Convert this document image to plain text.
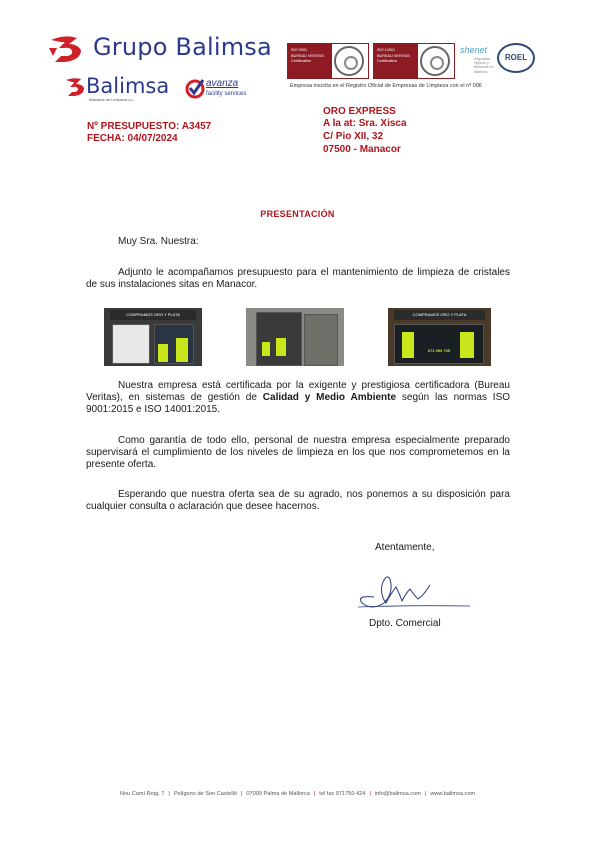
Grupo Balimsa
Balimsa
Balcares de Limpieza s.L.
avanza
facility services
ISO 9001
BUREAU VERITAS
Certification
ISO 14001
BUREAU VERITAS
Certification
shenet
Seguridad Higiene y Bienestar en Mallorca
ROEL
Empresa inscrita en el Registro Oficial de Empresas de Limpieza con el nº 006
Nº PRESUPUESTO: A3457
FECHA: 04/07/2024
ORO EXPRESS
A la at: Sra. Xisca
C/ Pio XII, 32
07500 - Manacor
PRESENTACIÓN
Muy Sra. Nuestra:
Adjunto le acompañamos presupuesto para el mantenimiento de limpieza de cristales de sus instalaciones sitas en Manacor.
COMPRAMOS ORO Y PLATA	COMPRAMOS ORO Y PLATA
671 090 735
Nuestra empresa está certificada por la exigente y prestigiosa certificadora (Bureau Veritas), en sistemas de gestión de Calidad y Medio Ambiente según las normas ISO 9001:2015 e ISO 14001:2015.
Como garantía de todo ello, personal de nuestra empresa especialmente preparado supervisará el cumplimiento de los niveles de limpieza en los que nos comprometemos en la presente oferta.
Esperando que nuestra oferta sea de su agrado, nos ponemos a su disposición para cualquier consulta o aclaración que desee hacernos.
Atentamente,
Dpto. Comercial
Nou Camí Roig, 7 | Polígono de Son Castelló | 07009 Palma de Mallorca | tel fax 971750 424 | info@balimsa.com | www.balimsa.com
